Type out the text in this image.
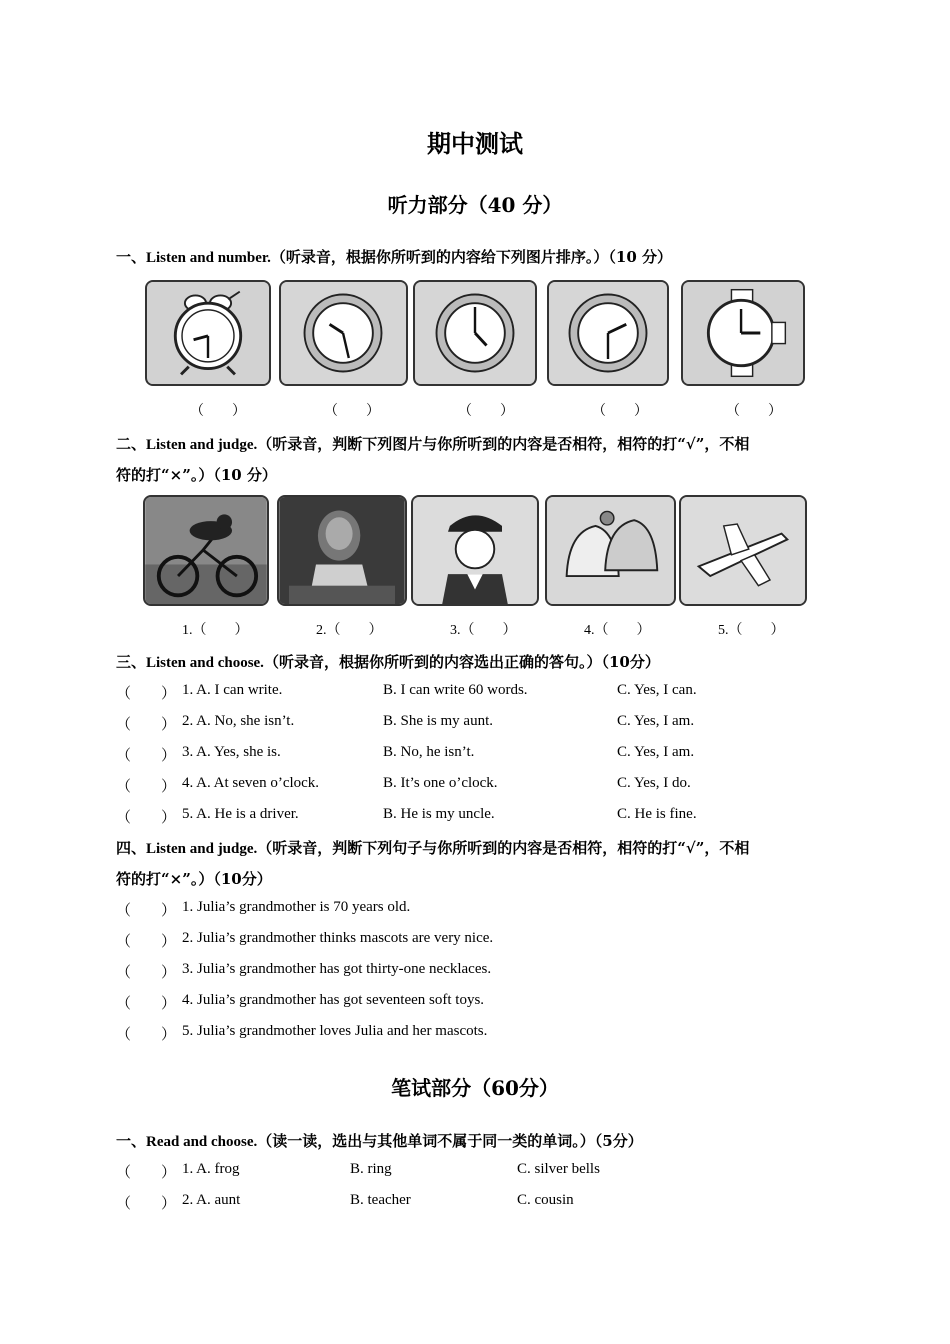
期中测试
听力部分（40 分）
一、Listen and number.（听录音，根据你所听到的内容给下列图片排序。）（10 分）
（　　）	（　　）	（　　）	（　　）	（　　）
二、Listen and judge.（听录音，判断下列图片与你所听到的内容是否相符，相符的打“√”，不相
符的打“×”。）（10 分）
1.（　　）	2.（　　）	3.（　　）	4.（　　）	5.（　　）
三、Listen and choose.（听录音，根据你所听到的内容选出正确的答句。）（10分）
（　　） 1. A. I can write.	B. I can write 60 words.	C. Yes, I can.
（　　） 2. A. No, she isn’t.	B. She is my aunt.	C. Yes, I am.
（　　） 3. A. Yes, she is.	B. No, he isn’t.	C. Yes, I am.
（　　） 4. A. At seven o’clock.	B. It’s one o’clock.	C. Yes, I do.
（　　） 5. A. He is a driver.	B. He is my uncle.	C. He is fine.
四、Listen and judge.（听录音，判断下列句子与你所听到的内容是否相符，相符的打“√”，不相
符的打“×”。）（10分）
（　　） 1. Julia’s grandmother is 70 years old.
（　　） 2. Julia’s grandmother thinks mascots are very nice.
（　　） 3. Julia’s grandmother has got thirty-one necklaces.
（　　） 4. Julia’s grandmother has got seventeen soft toys.
（　　） 5. Julia’s grandmother loves Julia and her mascots.
笔试部分（60分）
一、Read and choose.（读一读，选出与其他单词不属于同一类的单词。）（5分）
（　　） 1. A. frog	B. ring	C. silver bells
（　　） 2. A. aunt	B. teacher	C. cousin
